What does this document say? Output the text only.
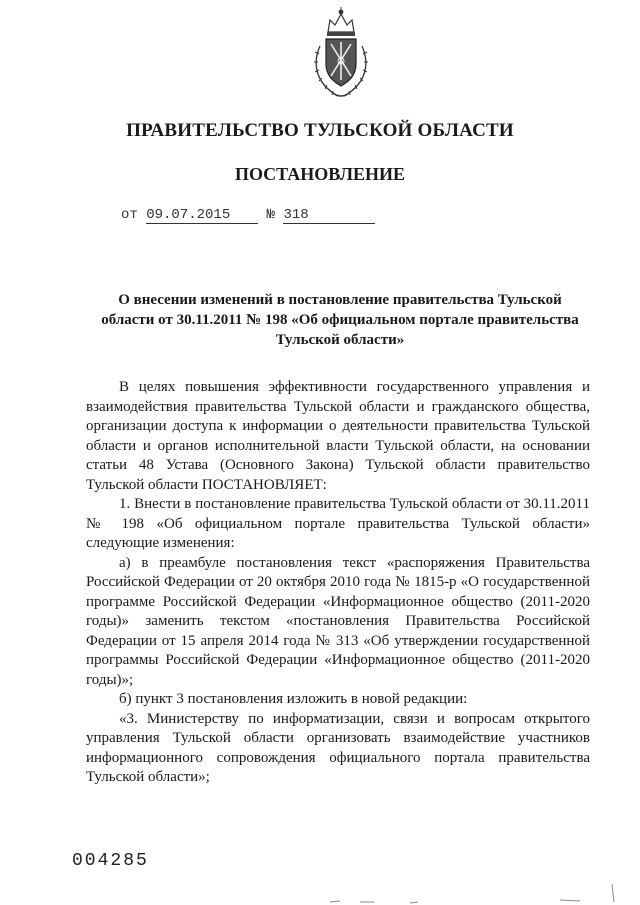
ПРАВИТЕЛЬСТВО ТУЛЬСКОЙ ОБЛАСТИ
ПОСТАНОВЛЕНИЕ
от 09.07.2015	№ 318
О внесении изменений в постановление правительства Тульской области от 30.11.2011 № 198 «Об официальном портале правительства Тульской области»

В целях повышения эффективности государственного управления и взаимодействия правительства Тульской области и гражданского общества, организации доступа к информации о деятельности правительства Тульской области и органов исполнительной власти Тульской области, на основании статьи 48 Устава (Основного Закона) Тульской области правительство Тульской области ПОСТАНОВЛЯЕТ:

1. Внести в постановление правительства Тульской области от 30.11.2011 № 198 «Об официальном портале правительства Тульской области» следующие изменения:

а) в преамбуле постановления текст «распоряжения Правительства Российской Федерации от 20 октября 2010 года № 1815-р «О государственной программе Российской Федерации «Информационное общество (2011-2020 годы)» заменить текстом «постановления Правительства Российской Федерации от 15 апреля 2014 года № 313 «Об утверждении государственной программы Российской Федерации «Информационное общество (2011-2020 годы)»;

б) пункт 3 постановления изложить в новой редакции:

«3. Министерству по информатизации, связи и вопросам открытого управления Тульской области организовать взаимодействие участников информационного сопровождения официального портала правительства Тульской области»;

004285
